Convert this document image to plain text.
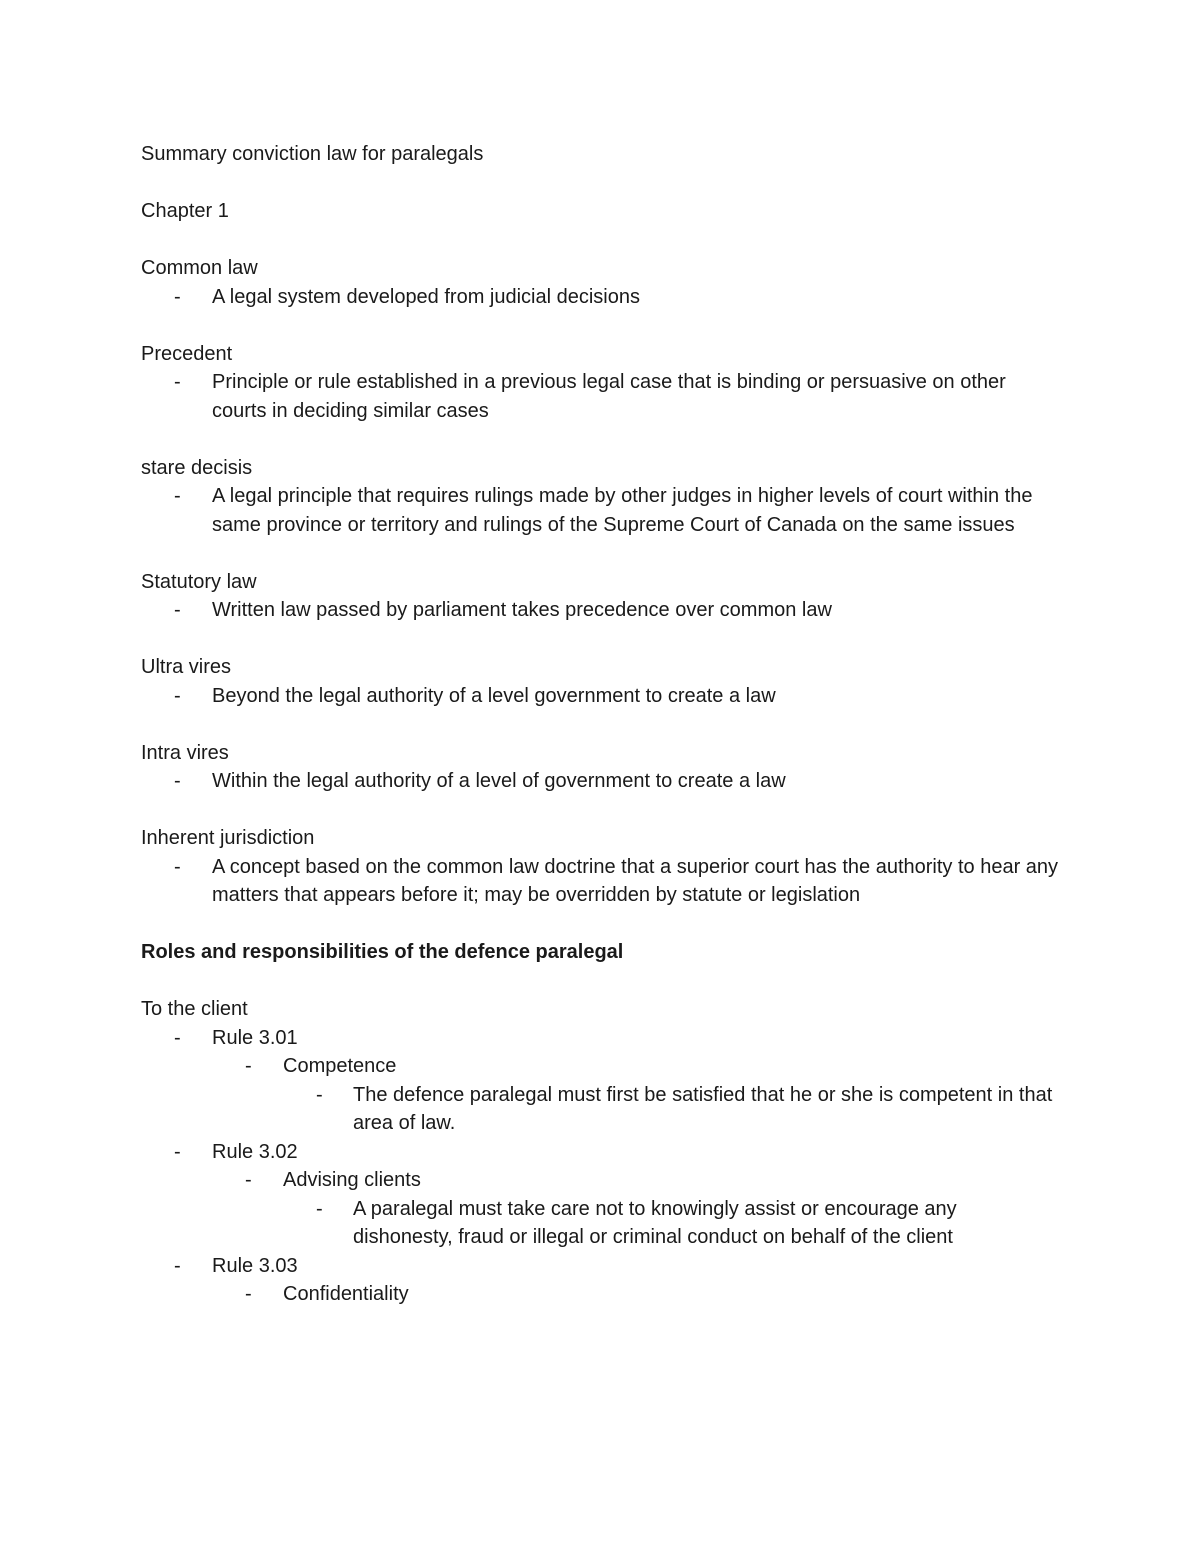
Summary conviction law for paralegals
Chapter 1
Common law
- A legal system developed from judicial decisions
Precedent
- Principle or rule established in a previous legal case that is binding or persuasive on other courts in deciding similar cases
stare decisis
- A legal principle that requires rulings made by other judges in higher levels of court within the same province or territory and rulings of the Supreme Court of Canada on the same issues
Statutory law
- Written law passed by parliament takes precedence over common law
Ultra vires
- Beyond the legal authority of a level government to create a law
Intra vires
- Within the legal authority of a level of government to create a law
Inherent jurisdiction
- A concept based on the common law doctrine that a superior court has the authority to hear any matters that appears before it; may be overridden by statute or legislation
Roles and responsibilities of the defence paralegal
To the client
- Rule 3.01
- Competence
- The defence paralegal must first be satisfied that he or she is competent in that area of law.
- Rule 3.02
- Advising clients
- A paralegal must take care not to knowingly assist or encourage any dishonesty, fraud or illegal or criminal conduct on behalf of the client
- Rule 3.03
- Confidentiality
